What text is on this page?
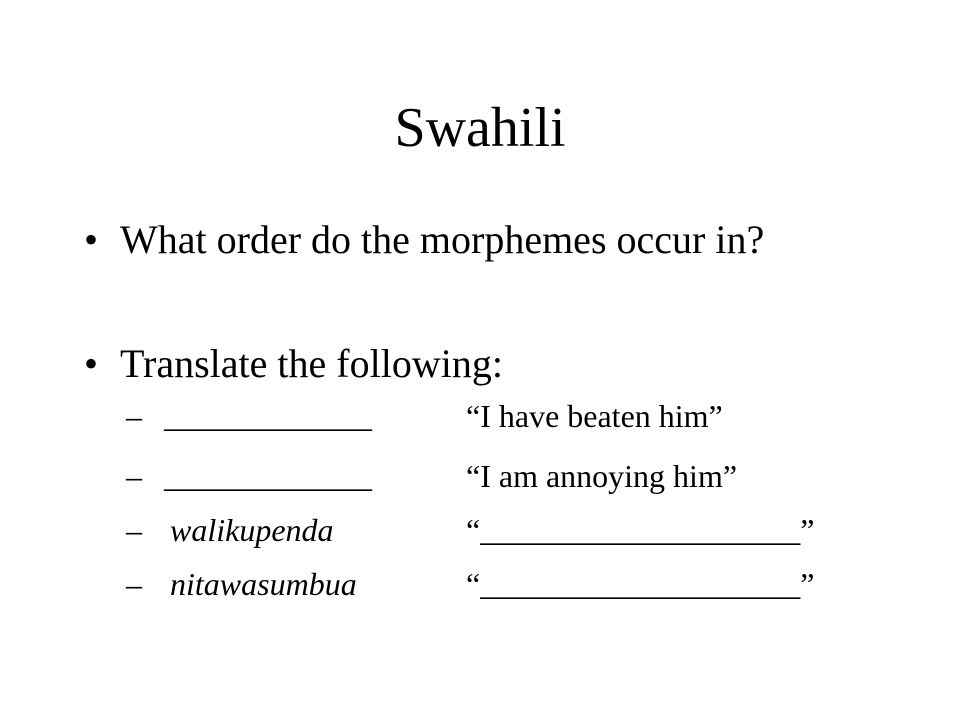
Swahili
• What order do the morphemes occur in?
• Translate the following:
– _____________	“I have beaten him”
– _____________	“I am annoying him”
– walikupenda	“____________________”
– nitawasumbua	“____________________”
